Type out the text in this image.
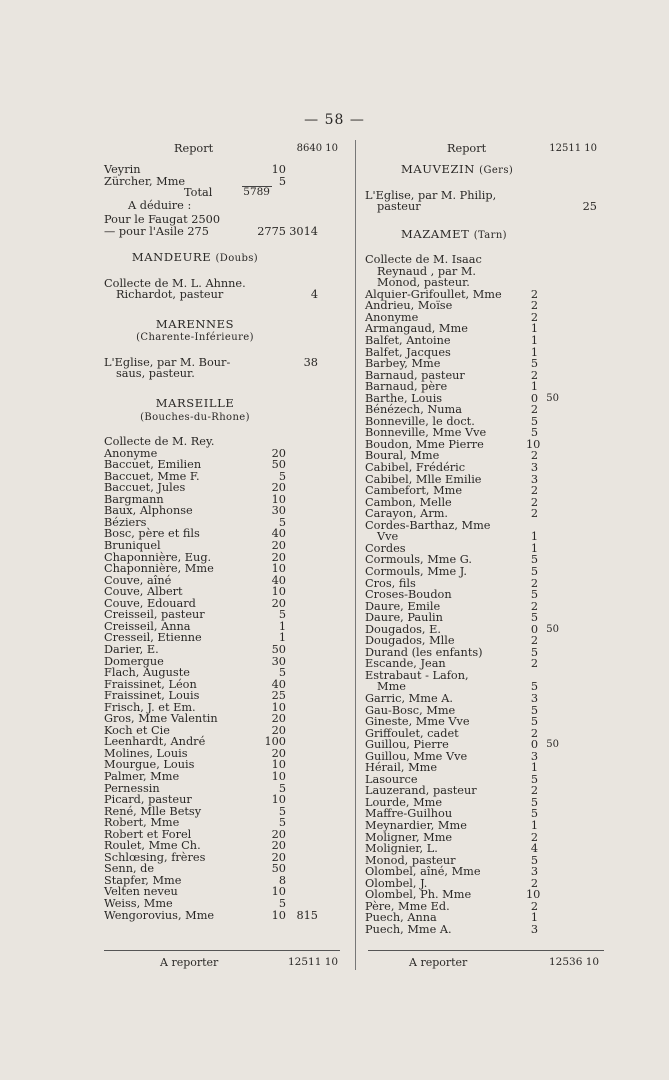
— 58 —
Report	8640 10
Veyrin	10
Zürcher, Mme	5
Total	5789
A déduire :
Pour le Faugat 2500
— pour l'Asile 275	2775 3014
MANDEURE (Doubs)
Collecte de M. L. Ahnne.
Richardot, pasteur	4
MARENNES
(Charente-Inférieure)
L'Eglise, par M. Bour-
saus, pasteur.
38
MARSEILLE
(Bouches-du-Rhone)
Collecte de M. Rey.
Anonyme	20
Baccuet, Emilien	50
Baccuet, Mme F.	5
Baccuet, Jules	20
Bargmann	10
Baux, Alphonse	30
Béziers	5
Bosc, père et fils	40
Bruniquel	20
Chaponnière, Eug.	20
Chaponnière, Mme	10
Couve, aîné	40
Couve, Albert	10
Couve, Edouard	20
Creisseil, pasteur	5
Creisseil, Anna	1
Cresseil, Etienne	1
Darier, E.	50
Domergue	30
Flach, Auguste	5
Fraissinet, Léon	40
Fraissinet, Louis	25
Frisch, J. et Em.	10
Gros, Mme Valentin	20
Koch et Cie	20
Leenhardt, André	100
Molines, Louis	20
Mourgue, Louis	10
Palmer, Mme	10
Pernessin	5
Picard, pasteur	10
René, Mlle Betsy	5
Robert, Mme	5
Robert et Forel	20
Roulet, Mme Ch.	20
Schlœsing, frères	20
Senn, de	50
Stapfer, Mme	8
Velten neveu	10
Weiss, Mme	5
Wengorovius, Mme	10 815
Report	12511 10
MAUVEZIN (Gers)
L'Eglise, par M. Philip,
pasteur	25
MAZAMET (Tarn)
Collecte de M. Isaac
Reynaud , par M.
Monod, pasteur.
Alquier-Grifoullet, Mme	2
Andrieu, Moïse	2
Anonyme	2
Armangaud, Mme	1
Balfet, Antoine	1
Balfet, Jacques	1
Barbey, Mme	5
Barnaud, pasteur	2
Barnaud, père	1
Barthe, Louis	0 50
Bénézech, Numa	2
Bonneville, le doct.	5
Bonneville, Mme Vve	5
Boudon, Mme Pierre	10
Boural, Mme	2
Cabibel, Frédéric	3
Cabibel, Mlle Emilie	3
Cambefort, Mme	2
Cambon, Melle	2
Carayon, Arm.	2
Cordes-Barthaz, Mme
Vve	1
Cordes	1
Cormouls, Mme G.	5
Cormouls, Mme J.	5
Cros, fils	2
Croses-Boudon	5
Daure, Emile	2
Daure, Paulin	5
Dougados, E.	0 50
Dougados, Mlle	2
Durand (les enfants)	5
Escande, Jean	2
Estrabaut - Lafon,
Mme	5
Garric, Mme A.	3
Gau-Bosc, Mme	5
Gineste, Mme Vve	5
Griffoulet, cadet	2
Guillou, Pierre	0 50
Guillou, Mme Vve	3
Hérail, Mme	1
Lasource	5
Lauzerand, pasteur	2
Lourde, Mme	5
Maffre-Guilhou	5
Meynardier, Mme	1
Moligner, Mme	2
Molignier, L.	4
Monod, pasteur	5
Olombel, aîné, Mme	3
Olombel, J.	2
Olombel, Ph. Mme	10
Père, Mme Ed.	2
Puech, Anna	1
Puech, Mme A.	3
A reporter	12511 10	A reporter	12536 10
